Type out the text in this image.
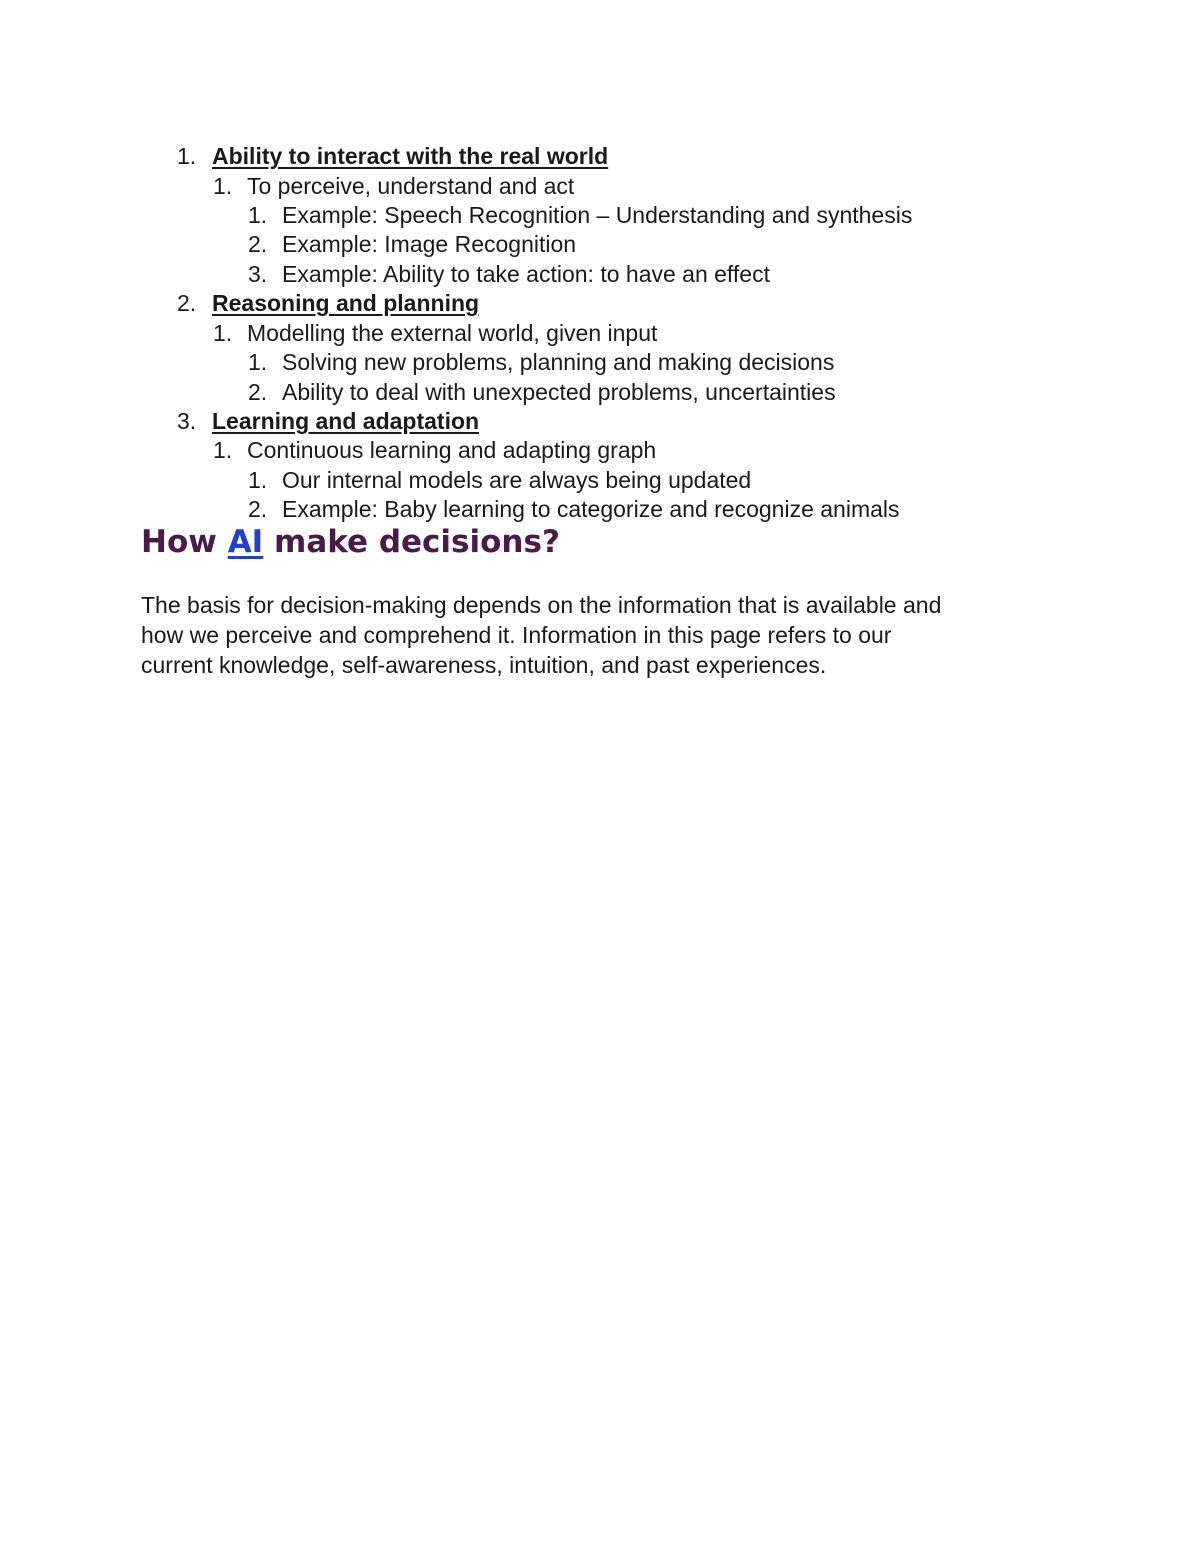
1. Ability to interact with the real world
1. To perceive, understand and act
1. Example: Speech Recognition – Understanding and synthesis
2. Example: Image Recognition
3. Example: Ability to take action: to have an effect
2. Reasoning and planning
1. Modelling the external world, given input
1. Solving new problems, planning and making decisions
2. Ability to deal with unexpected problems, uncertainties
3. Learning and adaptation
1. Continuous learning and adapting graph
1. Our internal models are always being updated
2. Example: Baby learning to categorize and recognize animals
How AI make decisions?
The basis for decision-making depends on the information that is available and
how we perceive and comprehend it. Information in this page refers to our
current knowledge, self-awareness, intuition, and past experiences.
